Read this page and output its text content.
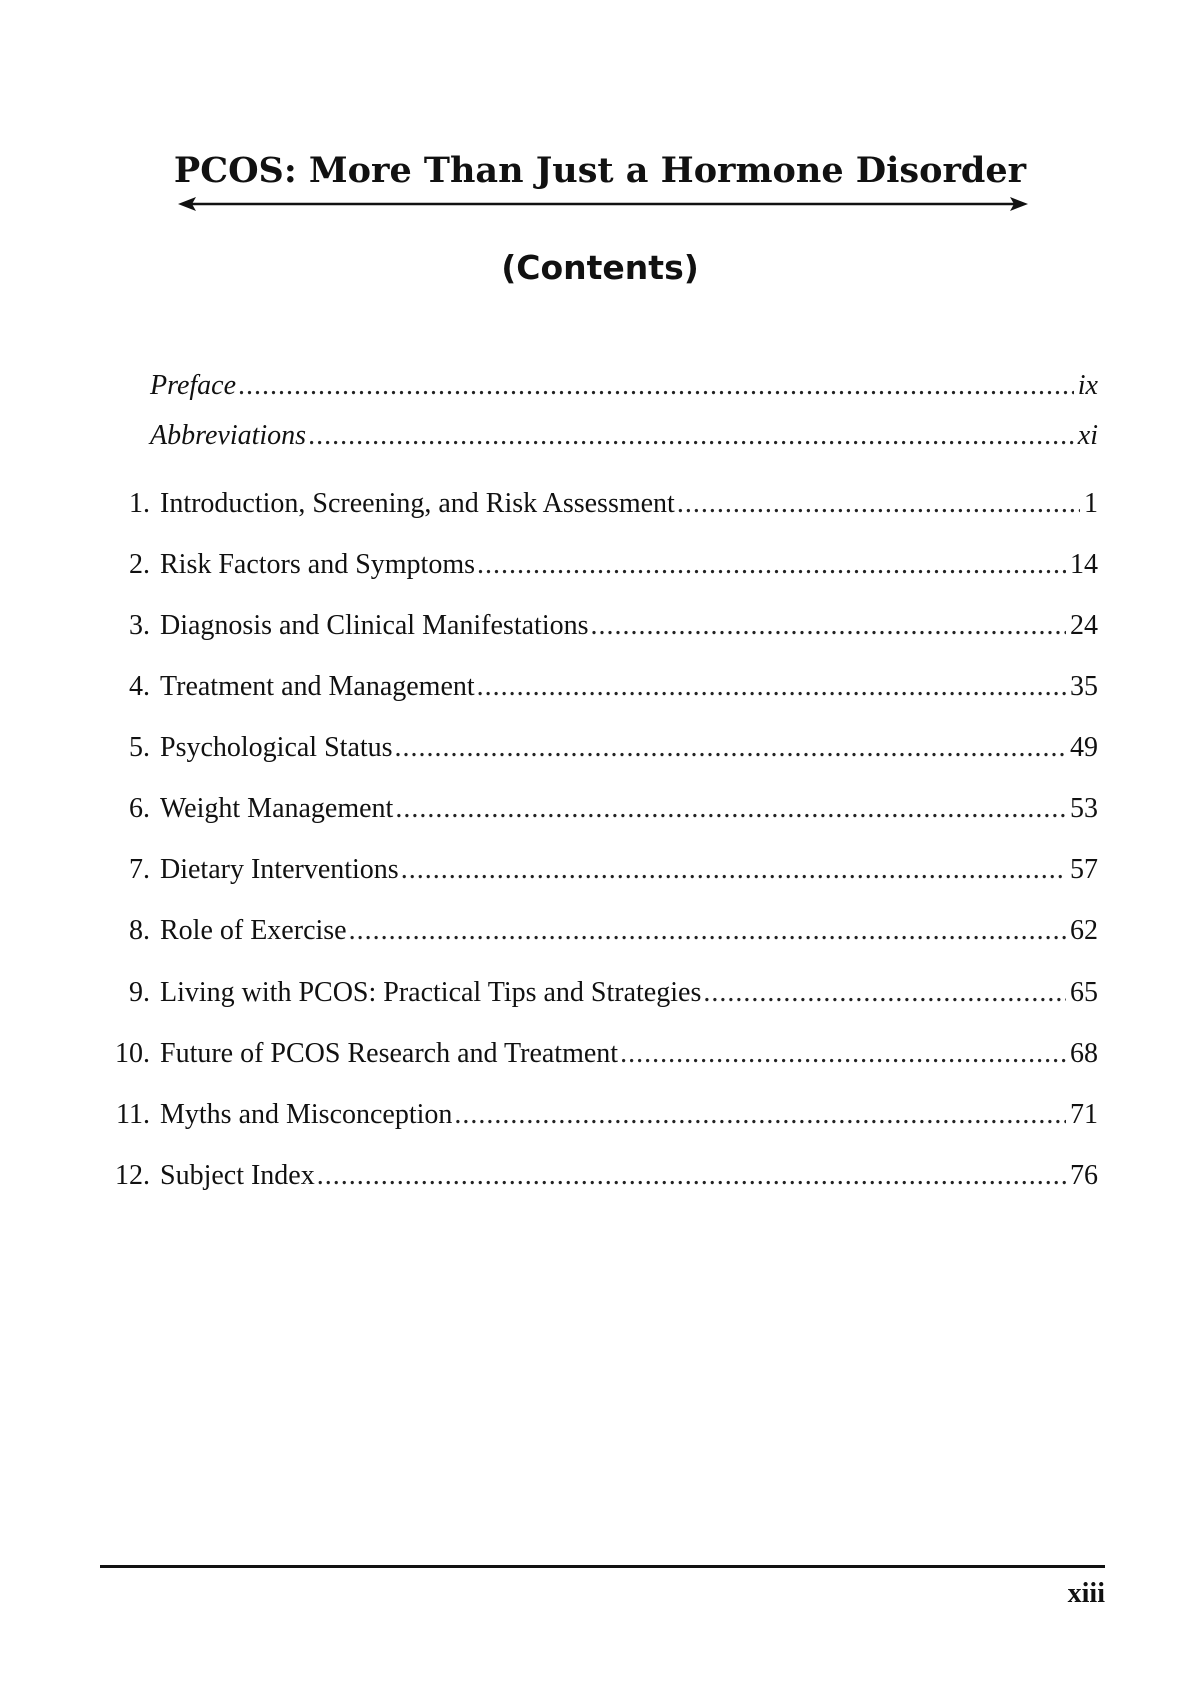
PCOS: More Than Just a Hormone Disorder
(Contents)
Preface .....	ix
Abbreviations .....	xi
1. Introduction, Screening, and Risk Assessment .....	1
2. Risk Factors and Symptoms .....	14
3. Diagnosis and Clinical Manifestations .....	24
4. Treatment and Management .....	35
5. Psychological Status .....	49
6. Weight Management .....	53
7. Dietary Interventions .....	57
8. Role of Exercise .....	62
9. Living with PCOS: Practical Tips and Strategies .....	65
10. Future of PCOS Research and Treatment .....	68
11. Myths and Misconception .....	71
12. Subject Index .....	76
xiii
